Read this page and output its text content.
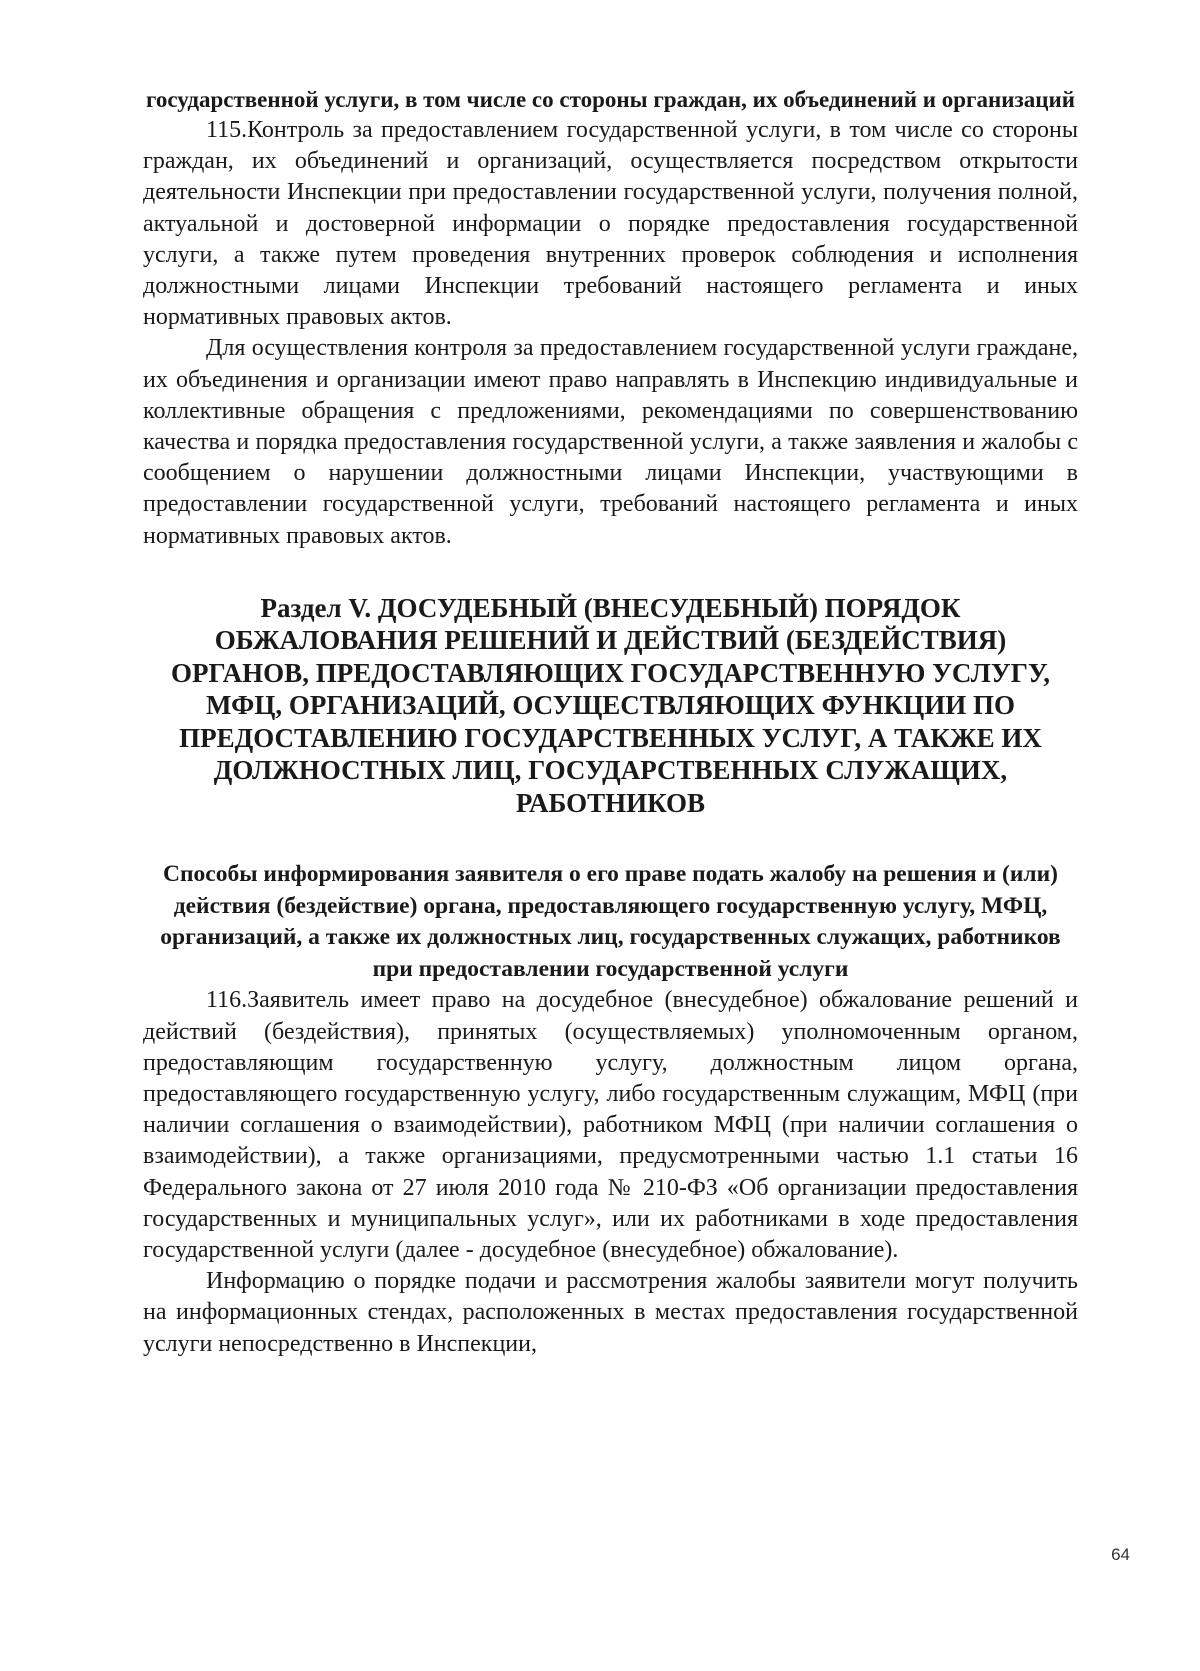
государственной услуги, в том числе со стороны граждан, их объединений и организаций

115.Контроль за предоставлением государственной услуги, в том числе со стороны граждан, их объединений и организаций, осуществляется посредством открытости деятельности Инспекции при предоставлении государственной услуги, получения полной, актуальной и достоверной информации о порядке предоставления государственной услуги, а также путем проведения внутренних проверок соблюдения и исполнения должностными лицами Инспекции требований настоящего регламента и иных нормативных правовых актов.

Для осуществления контроля за предоставлением государственной услуги граждане, их объединения и организации имеют право направлять в Инспекцию индивидуальные и коллективные обращения с предложениями, рекомендациями по совершенствованию качества и порядка предоставления государственной услуги, а также заявления и жалобы с сообщением о нарушении должностными лицами Инспекции, участвующими в предоставлении государственной услуги, требований настоящего регламента и иных нормативных правовых актов.

Раздел V. ДОСУДЕБНЫЙ (ВНЕСУДЕБНЫЙ) ПОРЯДОК ОБЖАЛОВАНИЯ РЕШЕНИЙ И ДЕЙСТВИЙ (БЕЗДЕЙСТВИЯ) ОРГАНОВ, ПРЕДОСТАВЛЯЮЩИХ ГОСУДАРСТВЕННУЮ УСЛУГУ, МФЦ, ОРГАНИЗАЦИЙ, ОСУЩЕСТВЛЯЮЩИХ ФУНКЦИИ ПО ПРЕДОСТАВЛЕНИЮ ГОСУДАРСТВЕННЫХ УСЛУГ, А ТАКЖЕ ИХ ДОЛЖНОСТНЫХ ЛИЦ, ГОСУДАРСТВЕННЫХ СЛУЖАЩИХ, РАБОТНИКОВ

Способы информирования заявителя о его праве подать жалобу на решения и (или) действия (бездействие) органа, предоставляющего государственную услугу, МФЦ, организаций, а также их должностных лиц, государственных служащих, работников при предоставлении государственной услуги

116.Заявитель имеет право на досудебное (внесудебное) обжалование решений и действий (бездействия), принятых (осуществляемых) уполномоченным органом, предоставляющим государственную услугу, должностным лицом органа, предоставляющего государственную услугу, либо государственным служащим, МФЦ (при наличии соглашения о взаимодействии), работником МФЦ (при наличии соглашения о взаимодействии), а также организациями, предусмотренными частью 1.1 статьи 16 Федерального закона от 27 июля 2010 года № 210-ФЗ «Об организации предоставления государственных и муниципальных услуг», или их работниками в ходе предоставления государственной услуги (далее - досудебное (внесудебное) обжалование).

Информацию о порядке подачи и рассмотрения жалобы заявители могут получить на информационных стендах, расположенных в местах предоставления государственной услуги непосредственно в Инспекции,

64
